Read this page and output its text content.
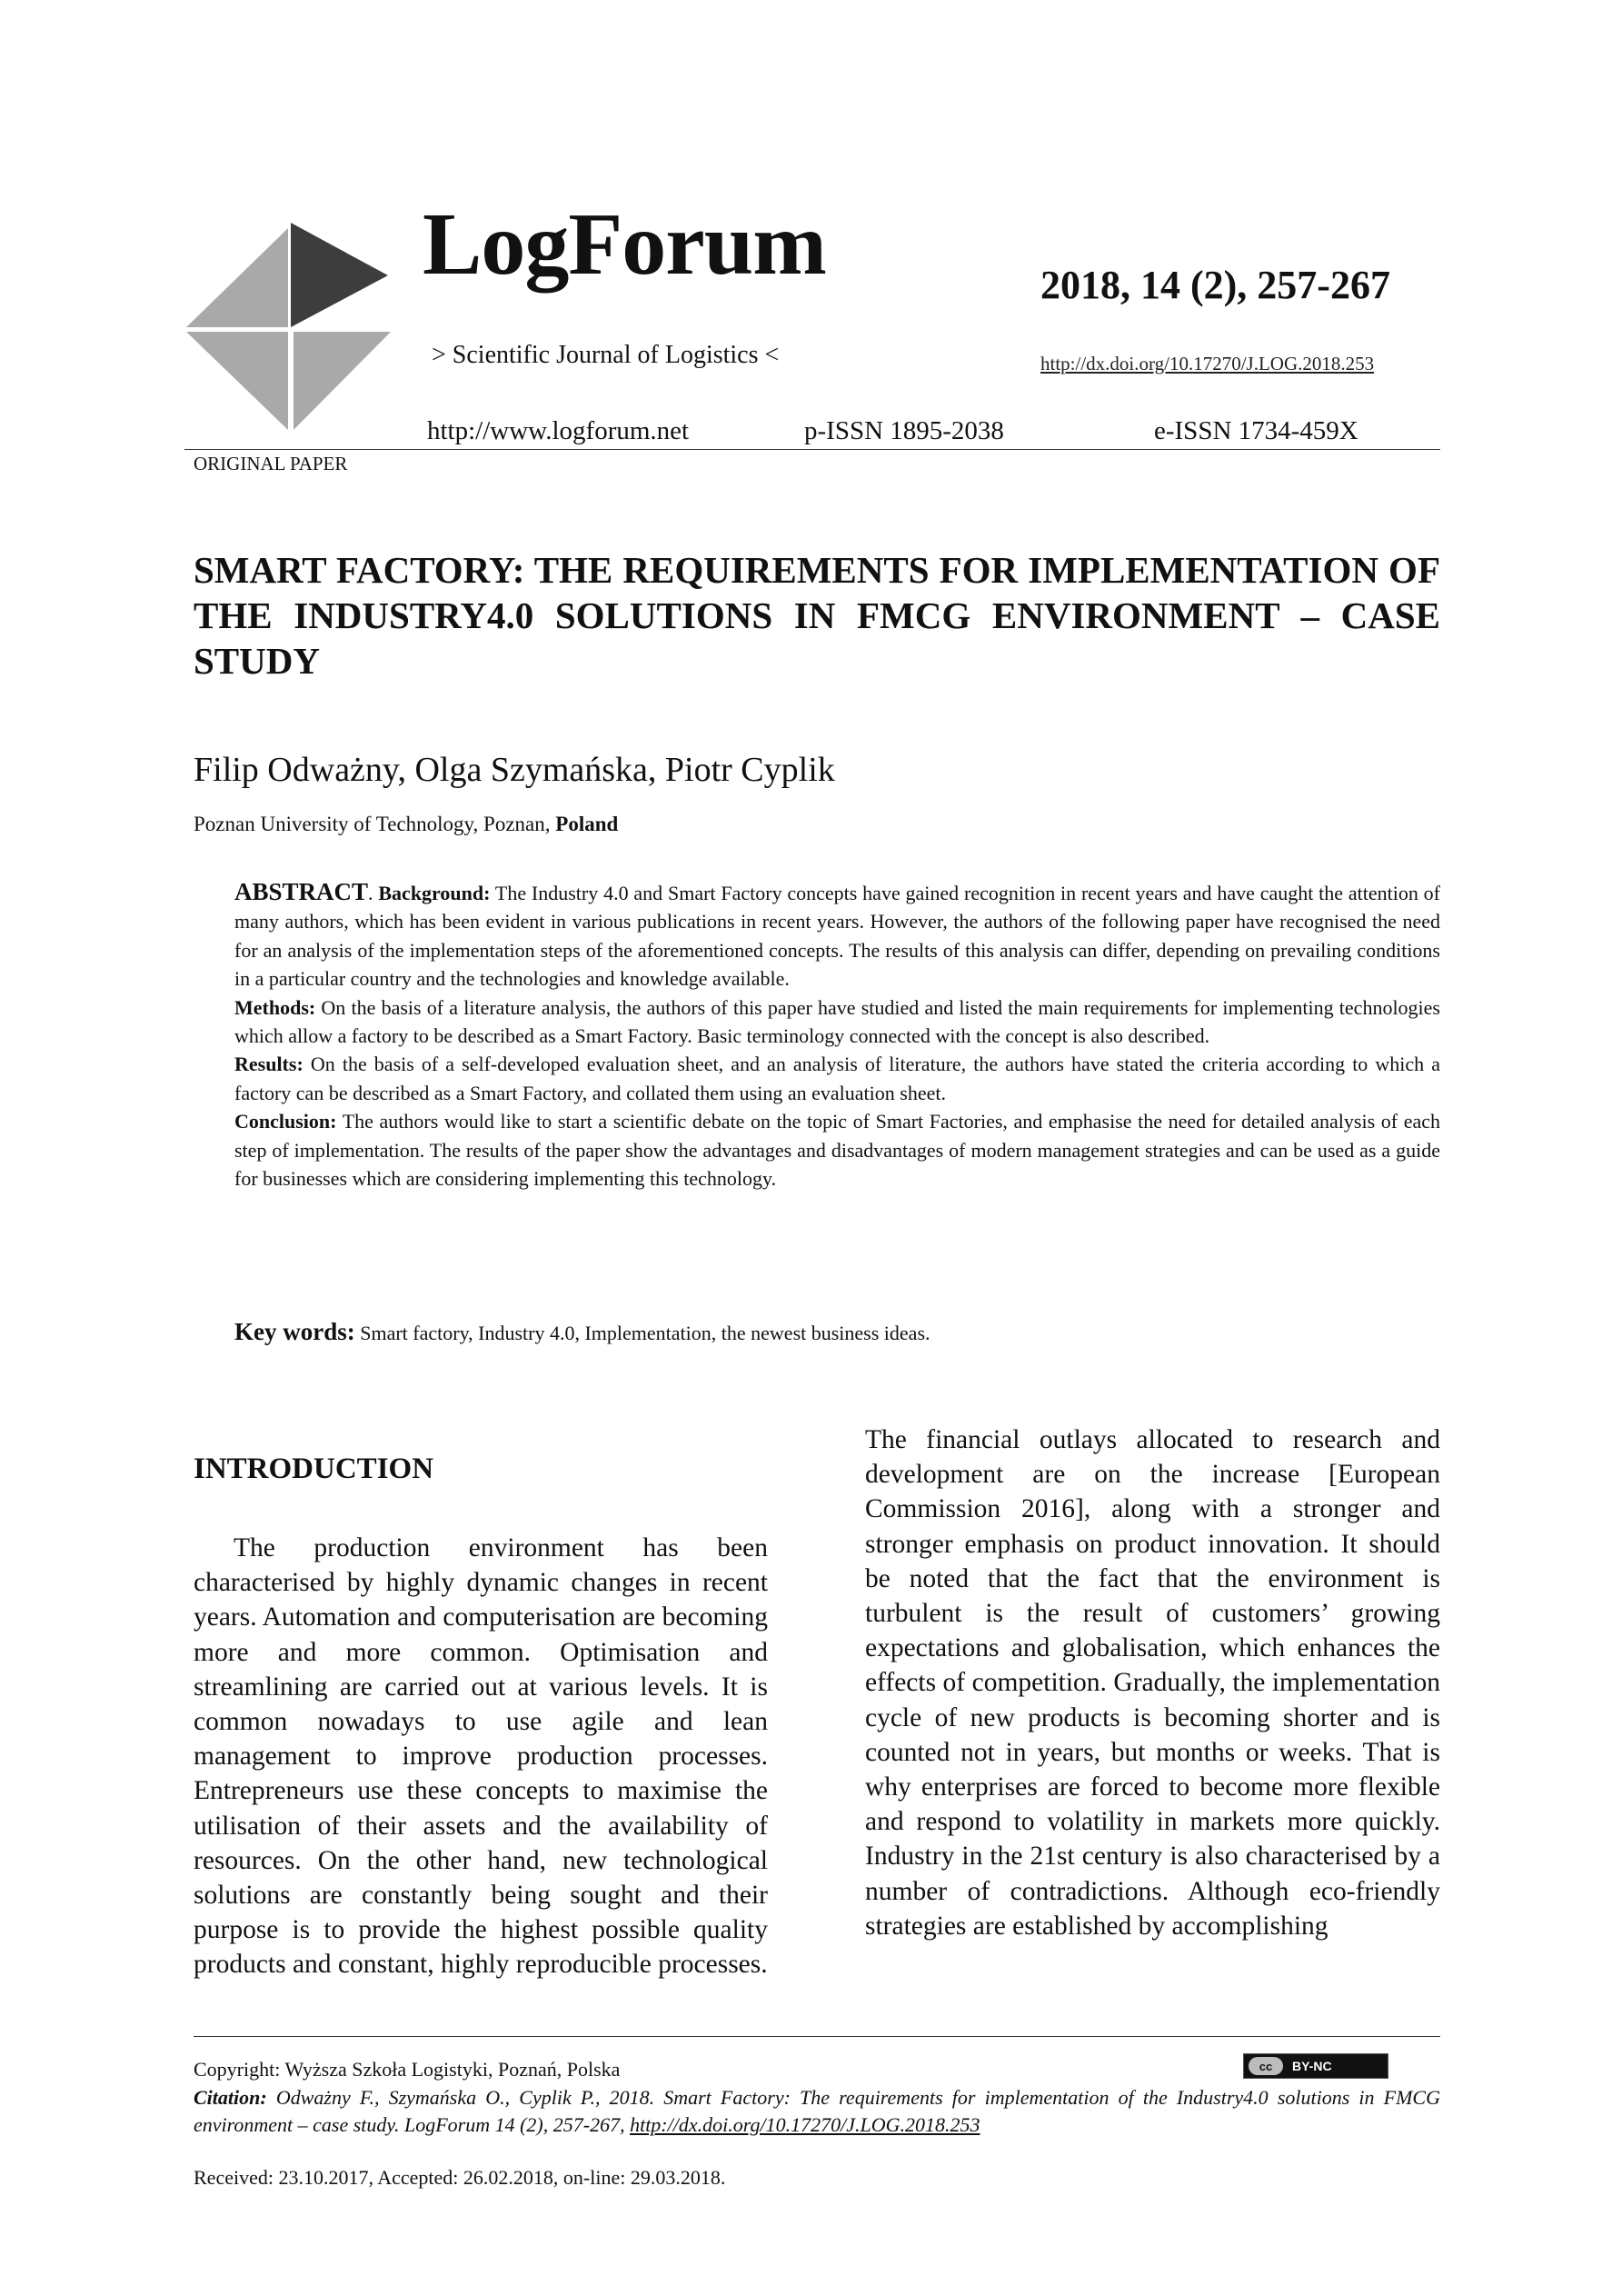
LogForum
> Scientific Journal of Logistics <
2018, 14 (2), 257-267
http://dx.doi.org/10.17270/J.LOG.2018.253
http://www.logforum.net	p-ISSN 1895-2038	e-ISSN 1734-459X
ORIGINAL PAPER
SMART FACTORY: THE REQUIREMENTS FOR IMPLEMENTATION OF THE INDUSTRY4.0 SOLUTIONS IN FMCG ENVIRONMENT – CASE STUDY
Filip Odważny, Olga Szymańska, Piotr Cyplik
Poznan University of Technology, Poznan, Poland

ABSTRACT. Background: The Industry 4.0 and Smart Factory concepts have gained recognition in recent years and have caught the attention of many authors, which has been evident in various publications in recent years. However, the authors of the following paper have recognised the need for an analysis of the implementation steps of the aforementioned concepts. The results of this analysis can differ, depending on prevailing conditions in a particular country and the technologies and knowledge available.

Methods: On the basis of a literature analysis, the authors of this paper have studied and listed the main requirements for implementing technologies which allow a factory to be described as a Smart Factory. Basic terminology connected with the concept is also described.

Results: On the basis of a self-developed evaluation sheet, and an analysis of literature, the authors have stated the criteria according to which a factory can be described as a Smart Factory, and collated them using an evaluation sheet.

Conclusion: The authors would like to start a scientific debate on the topic of Smart Factories, and emphasise the need for detailed analysis of each step of implementation. The results of the paper show the advantages and disadvantages of modern management strategies and can be used as a guide for businesses which are considering implementing this technology.

Key words: Smart factory, Industry 4.0, Implementation, the newest business ideas.
INTRODUCTION

The production environment has been characterised by highly dynamic changes in recent years. Automation and computerisation are becoming more and more common. Optimisation and streamlining are carried out at various levels. It is common nowadays to use agile and lean management to improve production processes. Entrepreneurs use these concepts to maximise the utilisation of their assets and the availability of resources. On the other hand, new technological solutions are constantly being sought and their purpose is to provide the highest possible quality products and constant, highly reproducible processes.

The financial outlays allocated to research and development are on the increase [European Commission 2016], along with a stronger and stronger emphasis on product innovation. It should be noted that the fact that the environment is turbulent is the result of customers’ growing expectations and globalisation, which enhances the effects of competition. Gradually, the implementation cycle of new products is becoming shorter and is counted not in years, but months or weeks. That is why enterprises are forced to become more flexible and respond to volatility in markets more quickly. Industry in the 21st century is also characterised by a number of contradictions. Although eco-friendly strategies are established by accomplishing

Copyright: Wyższa Szkoła Logistyki, Poznań, Polska	cc	BY-NC

Citation: Odważny F., Szymańska O., Cyplik P., 2018. Smart Factory: The requirements for implementation of the Industry4.0 solutions in FMCG environment – case study. LogForum 14 (2), 257-267, http://dx.doi.org/10.17270/J.LOG.2018.253

Received: 23.10.2017, Accepted: 26.02.2018, on-line: 29.03.2018.
